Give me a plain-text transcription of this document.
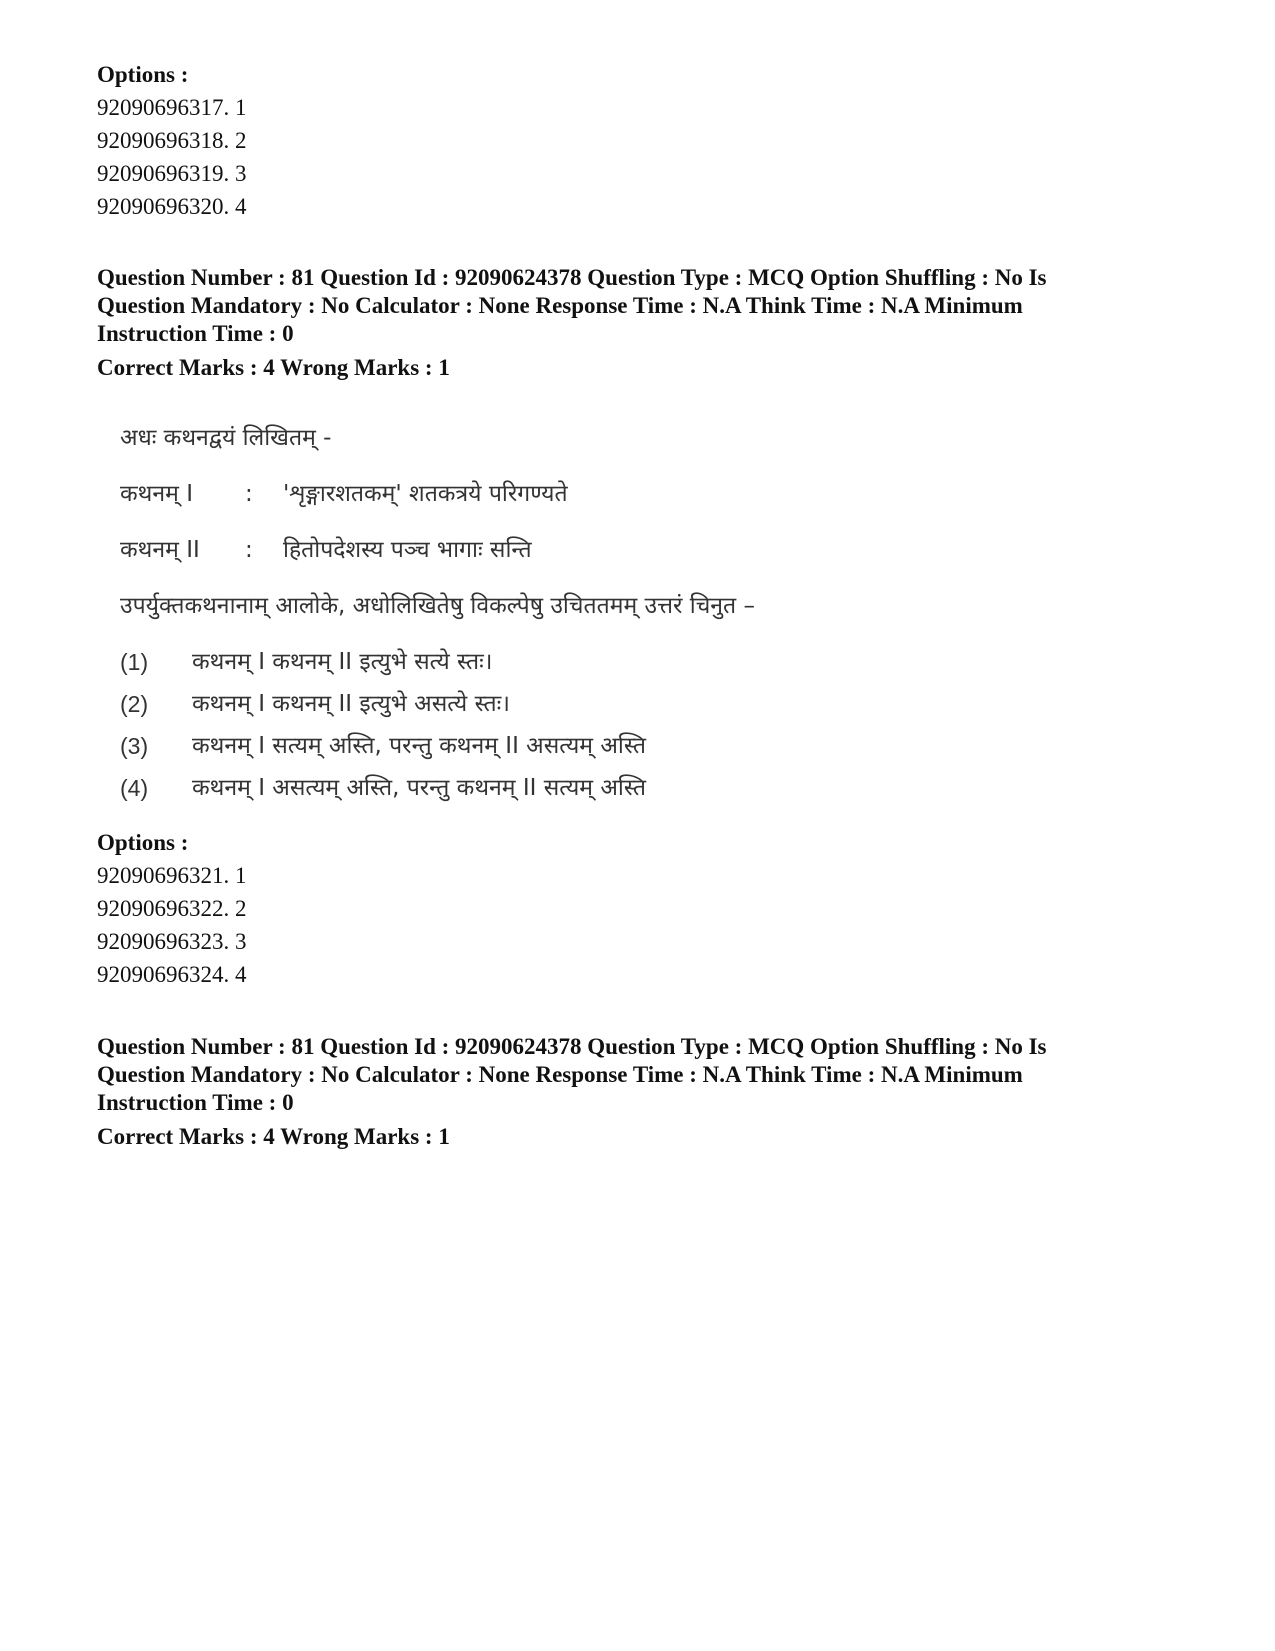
Options :
92090696317. 1
92090696318. 2
92090696319. 3
92090696320. 4
Question Number : 81 Question Id : 92090624378 Question Type : MCQ Option Shuffling : No Is
Question Mandatory : No Calculator : None Response Time : N.A Think Time : N.A Minimum
Instruction Time : 0
Correct Marks : 4 Wrong Marks : 1
अधः कथनद्वयं लिखितम् -
कथनम् I	:	'शृङ्गारशतकम्' शतकत्रये परिगण्यते
कथनम् II	:	हितोपदेशस्य पञ्च भागाः सन्ति
उपर्युक्तकथनानाम् आलोके, अधोलिखितेषु विकल्पेषु उचिततमम् उत्तरं चिनुत –
(1)	कथनम् I कथनम् II इत्युभे सत्ये स्तः।
(2)	कथनम् I कथनम् II इत्युभे असत्ये स्तः।
(3)	कथनम् I सत्यम् अस्ति, परन्तु कथनम् II असत्यम् अस्ति
(4)	कथनम् I असत्यम् अस्ति, परन्तु कथनम् II सत्यम् अस्ति
Options :
92090696321. 1
92090696322. 2
92090696323. 3
92090696324. 4
Question Number : 81 Question Id : 92090624378 Question Type : MCQ Option Shuffling : No Is
Question Mandatory : No Calculator : None Response Time : N.A Think Time : N.A Minimum
Instruction Time : 0
Correct Marks : 4 Wrong Marks : 1
